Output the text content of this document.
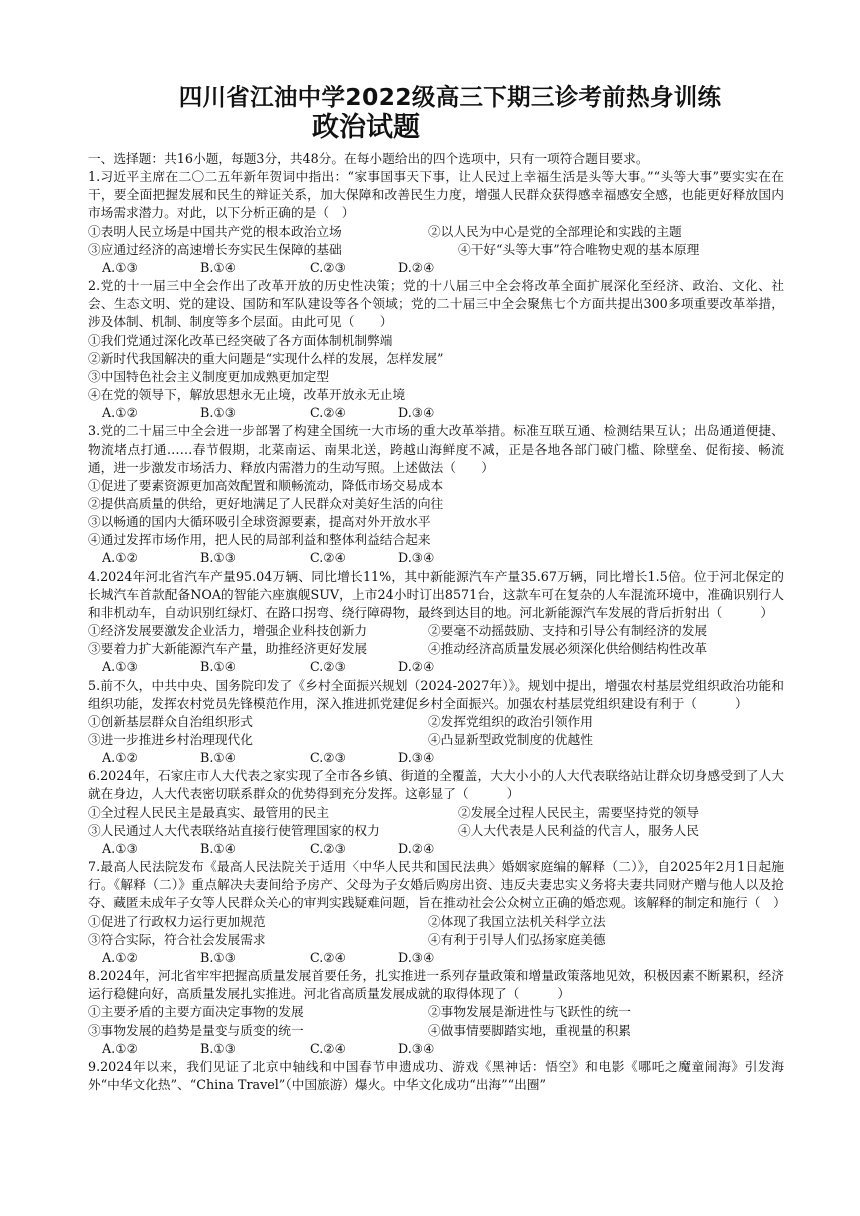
四川省江油中学2022级高三下期三诊考前热身训练
政治试题
一、选择题：共16小题，每题3分，共48分。在每小题给出的四个选项中，只有一项符合题目要求。
1.习近平主席在二〇二五年新年贺词中指出：“家事国事天下事，让人民过上幸福生活是头等大事。”“头等大事”要实实在在干，要全面把握发展和民生的辩证关系，加大保障和改善民生力度，增强人民群众获得感幸福感安全感，也能更好释放国内市场需求潜力。对此，以下分析正确的是（　）
①表明人民立场是中国共产党的根本政治立场	②以人民为中心是党的全部理论和实践的主题
③应通过经济的高速增长夯实民生保障的基础	④干好“头等大事”符合唯物史观的基本原理
A.①③	B.①④	C.②③	D.②④
2.党的十一届三中全会作出了改革开放的历史性决策；党的十八届三中全会将改革全面扩展深化至经济、政治、文化、社会、生态文明、党的建设、国防和军队建设等各个领域；党的二十届三中全会聚焦七个方面共提出300多项重要改革举措，涉及体制、机制、制度等多个层面。由此可见（　　）
①我们党通过深化改革已经突破了各方面体制机制弊端
②新时代我国解决的重大问题是“实现什么样的发展，怎样发展”
③中国特色社会主义制度更加成熟更加定型
④在党的领导下，解放思想永无止境，改革开放永无止境
A.①②	B.①③	C.②④	D.③④
3.党的二十届三中全会进一步部署了构建全国统一大市场的重大改革举措。标准互联互通、检测结果互认；出岛通道便捷、物流堵点打通……春节假期，北菜南运、南果北送，跨越山海鲜度不减，正是各地各部门破门槛、除壁垒、促衔接、畅流通，进一步激发市场活力、释放内需潜力的生动写照。上述做法（　　）
①促进了要素资源更加高效配置和顺畅流动，降低市场交易成本
②提供高质量的供给，更好地满足了人民群众对美好生活的向往
③以畅通的国内大循环吸引全球资源要素，提高对外开放水平
④通过发挥市场作用，把人民的局部利益和整体利益结合起来
A.①②	B.①③	C.②④	D.③④
4.2024年河北省汽车产量95.04万辆、同比增长11%，其中新能源汽车产量35.67万辆，同比增长1.5倍。位于河北保定的长城汽车首款配备NOA的智能六座旗舰SUV，上市24小时订出8571台，这款车可在复杂的人车混流环境中，准确识别行人和非机动车，自动识别红绿灯、在路口拐弯、绕行障碍物，最终到达目的地。河北新能源汽车发展的背后折射出（　　　）
①经济发展要激发企业活力，增强企业科技创新力	②要毫不动摇鼓励、支持和引导公有制经济的发展
③要着力扩大新能源汽车产量，助推经济更好发展	④推动经济高质量发展必须深化供给侧结构性改革
A.①③	B.①④	C.②③	D.②④
5.前不久，中共中央、国务院印发了《乡村全面振兴规划（2024-2027年）》。规划中提出，增强农村基层党组织政治功能和组织功能，发挥农村党员先锋模范作用，深入推进抓党建促乡村全面振兴。加强农村基层党组织建设有利于（　　　）
①创新基层群众自治组织形式	②发挥党组织的政治引领作用
③进一步推进乡村治理现代化	④凸显新型政党制度的优越性
A.①②	B.①④	C.②③	D.③④
6.2024年，石家庄市人大代表之家实现了全市各乡镇、街道的全覆盖，大大小小的人大代表联络站让群众切身感受到了人大就在身边，人大代表密切联系群众的优势得到充分发挥。这彰显了（　　　）
①全过程人民民主是最真实、最管用的民主	②发展全过程人民民主，需要坚持党的领导
③人民通过人大代表联络站直接行使管理国家的权力	④人大代表是人民利益的代言人，服务人民
A.①③	B.①④	C.②③	D.②④
7.最高人民法院发布《最高人民法院关于适用〈中华人民共和国民法典〉婚姻家庭编的解释（二）》，自2025年2月1日起施行。《解释（二）》重点解决夫妻间给予房产、父母为子女婚后购房出资、违反夫妻忠实义务将夫妻共同财产赠与他人以及抢夺、藏匿未成年子女等人民群众关心的审判实践疑难问题，旨在推动社会公众树立正确的婚恋观。该解释的制定和施行（　）
①促进了行政权力运行更加规范	②体现了我国立法机关科学立法
③符合实际，符合社会发展需求	④有利于引导人们弘扬家庭美德
A.①②	B.①③	C.②④	D.③④
8.2024年，河北省牢牢把握高质量发展首要任务，扎实推进一系列存量政策和增量政策落地见效，积极因素不断累积，经济运行稳健向好，高质量发展扎实推进。河北省高质量发展成就的取得体现了（　　　）
①主要矛盾的主要方面决定事物的发展	②事物发展是渐进性与飞跃性的统一
③事物发展的趋势是量变与质变的统一	④做事情要脚踏实地，重视量的积累
A.①②	B.①③	C.②④	D.③④
9.2024年以来，我们见证了北京中轴线和中国春节申遗成功、游戏《黑神话：悟空》和电影《哪吒之魔童闹海》引发海外“中华文化热”、“China Travel”（中国旅游）爆火。中华文化成功“出海”“出圈”
